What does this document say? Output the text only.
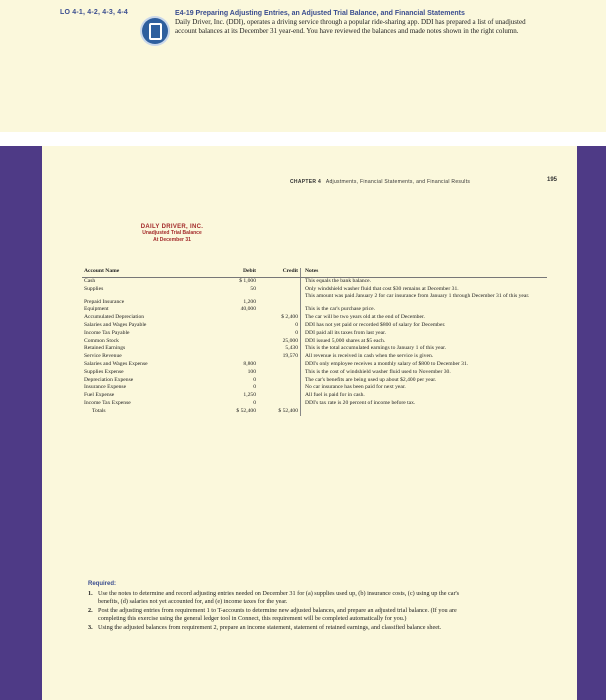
LO 4-1, 4-2, 4-3, 4-4	E4-19 Preparing Adjusting Entries, an Adjusted Trial Balance, and Financial Statements
Daily Driver, Inc. (DDI), operates a driving service through a popular ride-sharing app. DDI has prepared a list of unadjusted account balances at its December 31 year-end. You have reviewed the balances and made notes shown in the right column.
CHAPTER 4 Adjustments, Financial Statements, and Financial Results	195
DAILY DRIVER, INC.
Unadjusted Trial Balance
At December 31
Account Name	Debit	Credit	Notes
Cash	$ 1,000		This equals the bank balance.
Supplies	50		Only windshield washer fluid that cost $30 remains at December 31.
Prepaid Insurance	1,200		This amount was paid January 2 for car insurance from January 1 through December 31 of this year.
Equipment	40,000		This is the car's purchase price.
Accumulated Depreciation		$ 2,400	The car will be two years old at the end of December.
Salaries and Wages Payable		0	DDI has not yet paid or recorded $800 of salary for December.
Income Tax Payable		0	DDI paid all its taxes from last year.
Common Stock		25,000	DDI issued 5,000 shares at $5 each.
Retained Earnings		5,430	This is the total accumulated earnings to January 1 of this year.
Service Revenue		19,570	All revenue is received in cash when the service is given.
Salaries and Wages Expense	8,800		DDI's only employee receives a monthly salary of $800 to December 31.
Supplies Expense	100		This is the cost of windshield washer fluid used to November 30.
Depreciation Expense	0		The car's benefits are being used up about $2,400 per year.
Insurance Expense	0		No car insurance has been paid for next year.
Fuel Expense	1,250		All fuel is paid for in cash.
Income Tax Expense	0		DDI's tax rate is 20 percent of income before tax.
Totals	$ 52,400	$ 52,400	
Required:
1. Use the notes to determine and record adjusting entries needed on December 31 for (a) supplies used up, (b) insurance costs, (c) using up the car's benefits, (d) salaries not yet accounted for, and (e) income taxes for the year.
2. Post the adjusting entries from requirement 1 to T-accounts to determine new adjusted balances, and prepare an adjusted trial balance. (If you are completing this exercise using the general ledger tool in Connect, this requirement will be completed automatically for you.)
3. Using the adjusted balances from requirement 2, prepare an income statement, statement of retained earnings, and classified balance sheet.
